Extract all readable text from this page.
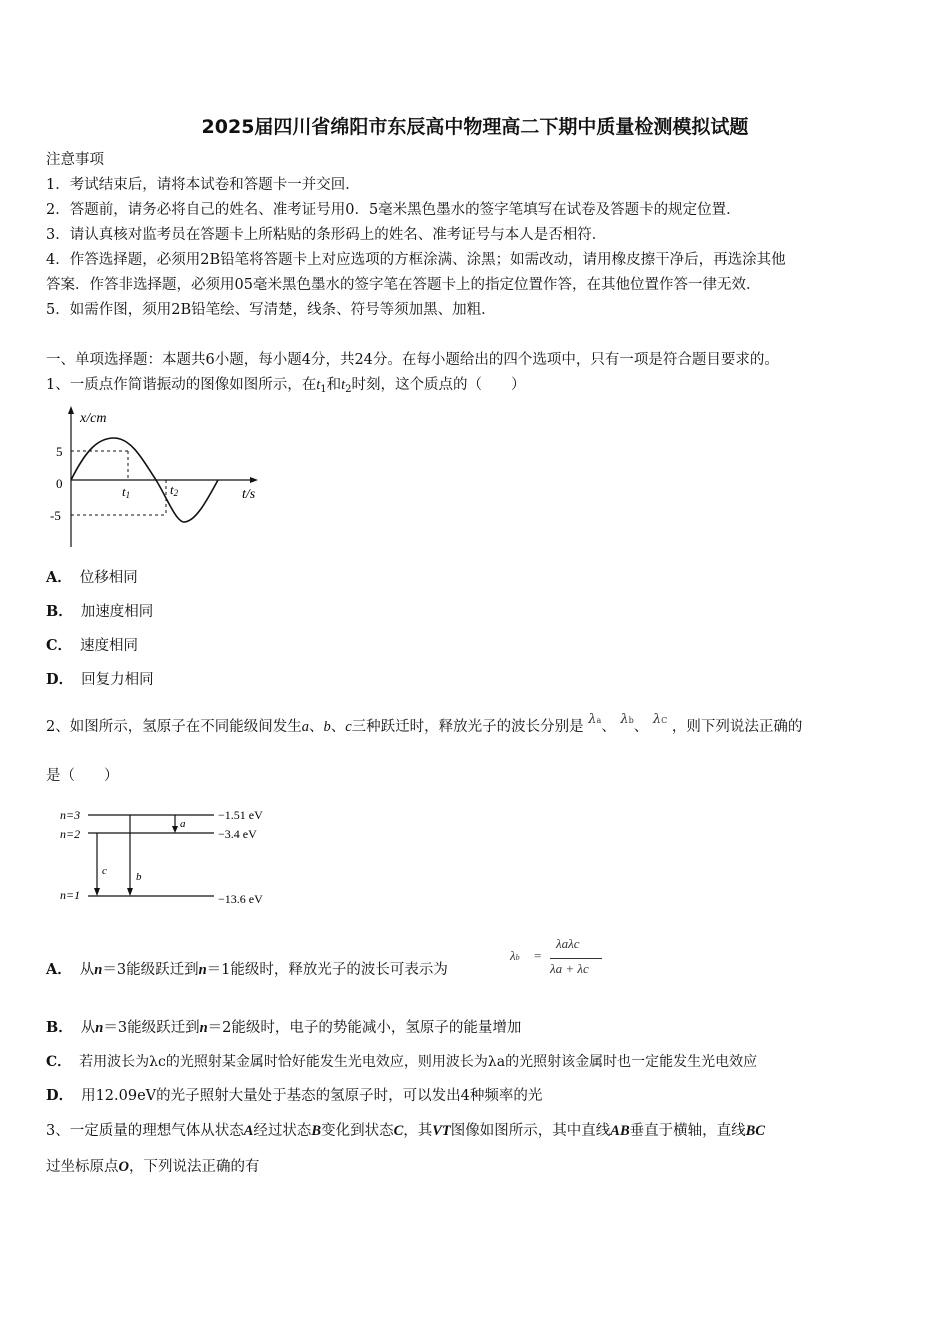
2025届四川省绵阳市东辰高中物理高二下期中质量检测模拟试题
注意事项
1．考试结束后，请将本试卷和答题卡一并交回．
2．答题前，请务必将自己的姓名、准考证号用0．5毫米黑色墨水的签字笔填写在试卷及答题卡的规定位置．
3．请认真核对监考员在答题卡上所粘贴的条形码上的姓名、准考证号与本人是否相符．
4．作答选择题，必须用2B铅笔将答题卡上对应选项的方框涂满、涂黑；如需改动，请用橡皮擦干净后，再选涂其他
答案．作答非选择题，必须用05毫米黑色墨水的签字笔在答题卡上的指定位置作答，在其他位置作答一律无效．
5．如需作图，须用2B铅笔绘、写清楚，线条、符号等须加黑、加粗．
一、单项选择题：本题共6小题，每小题4分，共24分。在每小题给出的四个选项中，只有一项是符合题目要求的。
1、一质点作简谐振动的图像如图所示，在$t_1$和$t_2$时刻，这个质点的（　　）
x/cm
t/s
5
0
-5
t1	t2
A． 位移相同
B． 加速度相同
C． 速度相同
D． 回复力相同
2、如图所示，氢原子在不同能级间发生a、b、c三种跃迁时，释放光子的波长分别是 λa、 λb、 λC ，则下列说法正确的
是（　　）
n=3
n=2
n=1
−1.51 eV
−3.4 eV
−13.6 eV
a
b
c
A． 从n＝3能级跃迁到n＝1能级时，释放光子的波长可表示为
λb =
λaλc
λa + λc
B． 从n＝3能级跃迁到n＝2能级时，电子的势能减小，氢原子的能量增加
C． 若用波长为λc的光照射某金属时恰好能发生光电效应，则用波长为λa的光照射该金属时也一定能发生光电效应
D． 用12.09eV的光子照射大量处于基态的氢原子时，可以发出4种频率的光
3、一定质量的理想气体从状态A经过状态B变化到状态C，其VT图像如图所示，其中直线AB垂直于横轴，直线BC
过坐标原点O，下列说法正确的有
